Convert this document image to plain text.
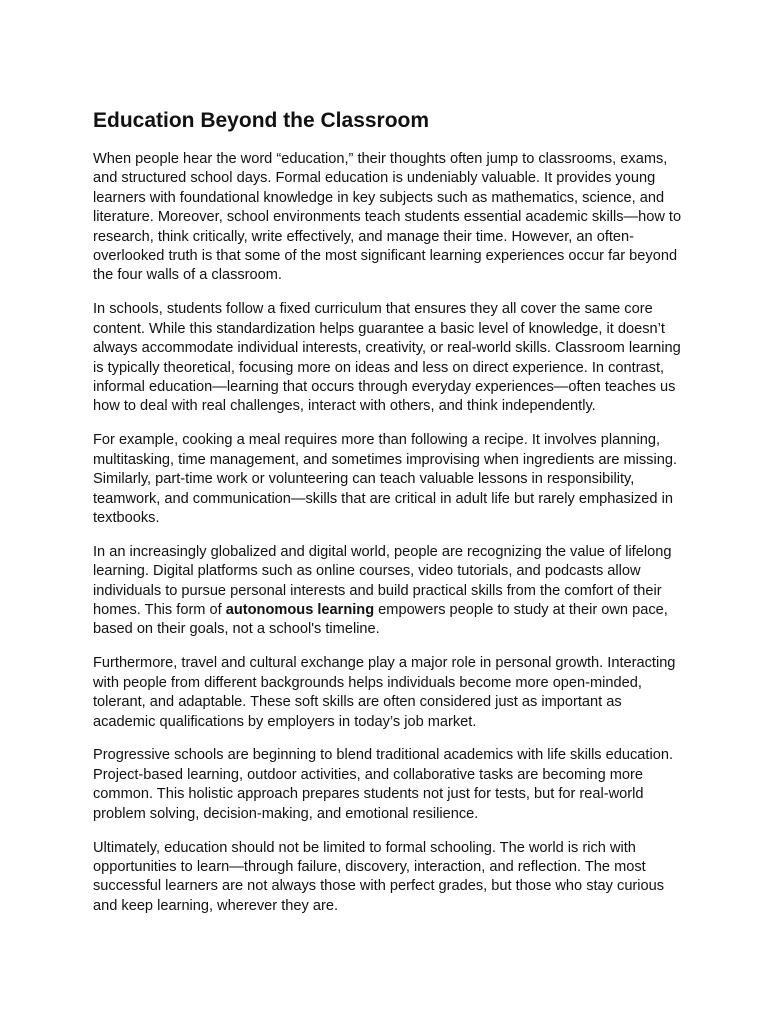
Education Beyond the Classroom

When people hear the word “education,” their thoughts often jump to classrooms, exams, and structured school days. Formal education is undeniably valuable. It provides young learners with foundational knowledge in key subjects such as mathematics, science, and literature. Moreover, school environments teach students essential academic skills—how to research, think critically, write effectively, and manage their time. However, an often-overlooked truth is that some of the most significant learning experiences occur far beyond the four walls of a classroom.

In schools, students follow a fixed curriculum that ensures they all cover the same core content. While this standardization helps guarantee a basic level of knowledge, it doesn’t always accommodate individual interests, creativity, or real-world skills. Classroom learning is typically theoretical, focusing more on ideas and less on direct experience. In contrast, informal education—learning that occurs through everyday experiences—often teaches us how to deal with real challenges, interact with others, and think independently.

For example, cooking a meal requires more than following a recipe. It involves planning, multitasking, time management, and sometimes improvising when ingredients are missing. Similarly, part-time work or volunteering can teach valuable lessons in responsibility, teamwork, and communication—skills that are critical in adult life but rarely emphasized in textbooks.

In an increasingly globalized and digital world, people are recognizing the value of lifelong learning. Digital platforms such as online courses, video tutorials, and podcasts allow individuals to pursue personal interests and build practical skills from the comfort of their homes. This form of autonomous learning empowers people to study at their own pace, based on their goals, not a school's timeline.

Furthermore, travel and cultural exchange play a major role in personal growth. Interacting with people from different backgrounds helps individuals become more open-minded, tolerant, and adaptable. These soft skills are often considered just as important as academic qualifications by employers in today’s job market.

Progressive schools are beginning to blend traditional academics with life skills education. Project-based learning, outdoor activities, and collaborative tasks are becoming more common. This holistic approach prepares students not just for tests, but for real-world problem solving, decision-making, and emotional resilience.

Ultimately, education should not be limited to formal schooling. The world is rich with opportunities to learn—through failure, discovery, interaction, and reflection. The most successful learners are not always those with perfect grades, but those who stay curious and keep learning, wherever they are.
